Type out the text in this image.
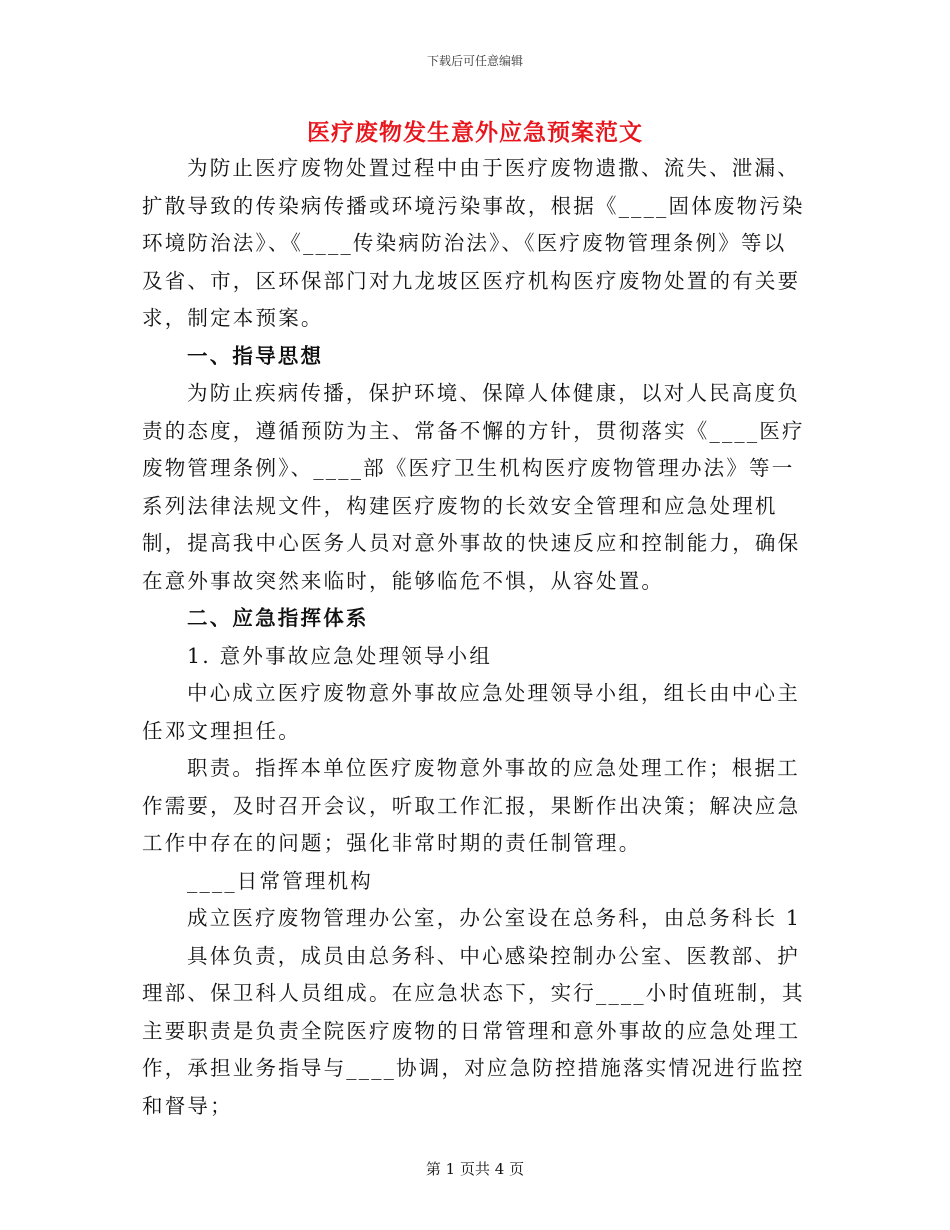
下载后可任意编辑
医疗废物发生意外应急预案范文

为防止医疗废物处置过程中由于医疗废物遗撒、流失、泄漏、扩散导致的传染病传播或环境污染事故，根据《____固体废物污染环境防治法》、《____传染病防治法》、《医疗废物管理条例》等以及省、市，区环保部门对九龙坡区医疗机构医疗废物处置的有关要求，制定本预案。

一、指导思想

为防止疾病传播，保护环境、保障人体健康，以对人民高度负责的态度，遵循预防为主、常备不懈的方针，贯彻落实《____医疗废物管理条例》、____部《医疗卫生机构医疗废物管理办法》等一系列法律法规文件，构建医疗废物的长效安全管理和应急处理机制，提高我中心医务人员对意外事故的快速反应和控制能力，确保在意外事故突然来临时，能够临危不惧，从容处置。

二、应急指挥体系

1. 意外事故应急处理领导小组

中心成立医疗废物意外事故应急处理领导小组，组长由中心主任邓文理担任。

职责。指挥本单位医疗废物意外事故的应急处理工作；根据工作需要，及时召开会议，听取工作汇报，果断作出决策；解决应急工作中存在的问题；强化非常时期的责任制管理。

____日常管理机构

成立医疗废物管理办公室，办公室设在总务科，由总务科长 1

具体负责，成员由总务科、中心感染控制办公室、医教部、护理部、保卫科人员组成。在应急状态下，实行____小时值班制，其主要职责是负责全院医疗废物的日常管理和意外事故的应急处理工作，承担业务指导与____协调，对应急防控措施落实情况进行监控和督导；

第 1 页共 4 页
